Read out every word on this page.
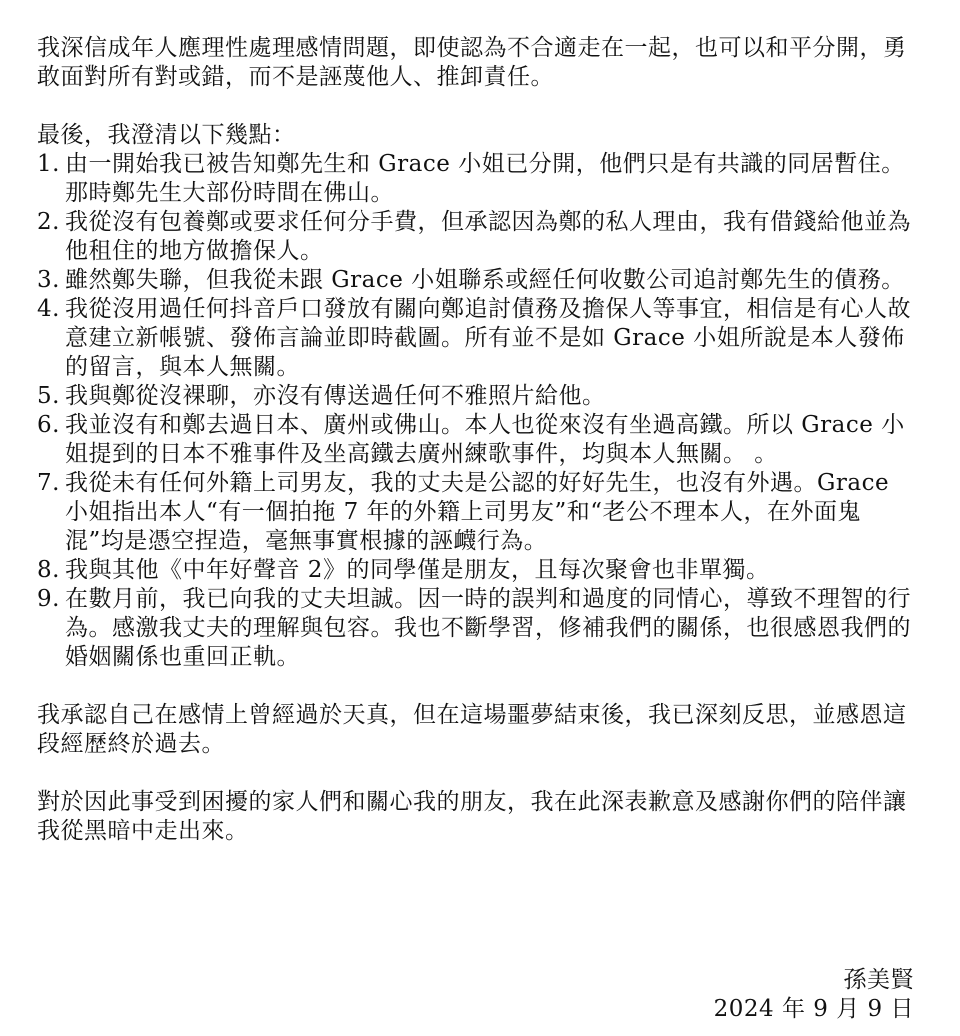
我深信成年人應理性處理感情問題，即使認為不合適走在一起，也可以和平分開，勇敢面對所有對或錯，而不是誣蔑他人、推卸責任。

最後，我澄清以下幾點：

1. 由一開始我已被告知鄭先生和 Grace 小姐已分開，他們只是有共識的同居暫住。那時鄭先生大部份時間在佛山。
2. 我從沒有包養鄭或要求任何分手費，但承認因為鄭的私人理由，我有借錢給他並為他租住的地方做擔保人。
3. 雖然鄭失聯，但我從未跟 Grace 小姐聯系或經任何收數公司追討鄭先生的債務。
4. 我從沒用過任何抖音戶口發放有關向鄭追討債務及擔保人等事宜，相信是有心人故意建立新帳號、發佈言論並即時截圖。所有並不是如 Grace 小姐所說是本人發佈的留言，與本人無關。
5. 我與鄭從沒裸聊，亦沒有傳送過任何不雅照片給他。
6. 我並沒有和鄭去過日本、廣州或佛山。本人也從來沒有坐過高鐵。所以 Grace 小姐提到的日本不雅事件及坐高鐵去廣州練歌事件，均與本人無關。 。
7. 我從未有任何外籍上司男友，我的丈夫是公認的好好先生，也沒有外遇。Grace 小姐指出本人“有一個拍拖 7 年的外籍上司男友”和“老公不理本人，在外面鬼混”均是憑空捏造，毫無事實根據的誣衊行為。
8. 我與其他《中年好聲音 2》的同學僅是朋友，且每次聚會也非單獨。
9. 在數月前，我已向我的丈夫坦誠。因一時的誤判和過度的同情心，導致不理智的行為。感激我丈夫的理解與包容。我也不斷學習，修補我們的關係，也很感恩我們的婚姻關係也重回正軌。

我承認自己在感情上曾經過於天真，但在這場噩夢結束後，我已深刻反思，並感恩這段經歷終於過去。

對於因此事受到困擾的家人們和關心我的朋友，我在此深表歉意及感謝你們的陪伴讓我從黑暗中走出來。

孫美賢
2024 年 9 月 9 日
